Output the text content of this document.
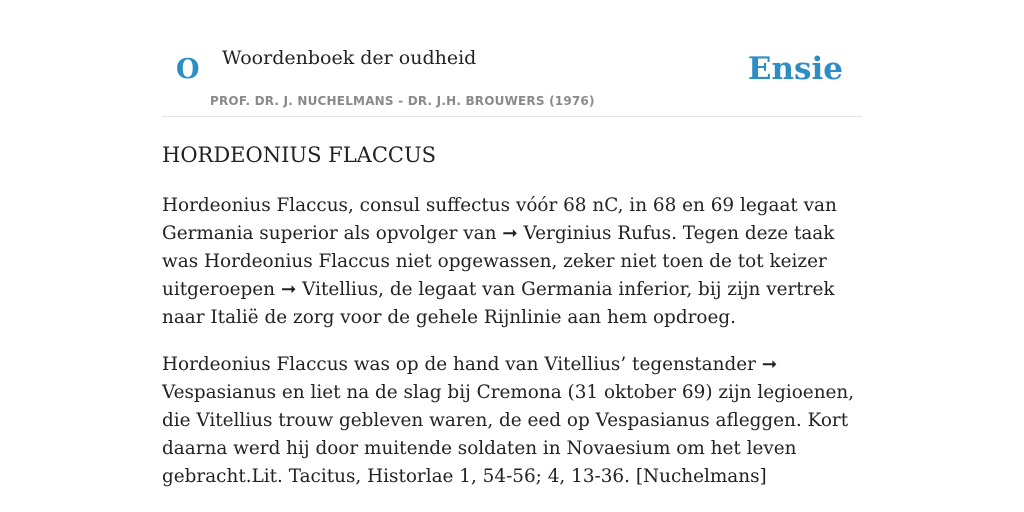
O Woordenboek der oudheid
PROF. DR. J. NUCHELMANS - DR. J.H. BROUWERS (1976)
Ensie
HORDEONIUS FLACCUS

Hordeonius Flaccus, consul suffectus vóór 68 nC, in 68 en 69 legaat van Germania superior als opvolger van ➞ Verginius Rufus. Tegen deze taak was Hordeonius Flaccus niet opgewassen, zeker niet toen de tot keizer uitgeroepen ➞ Vitellius, de legaat van Germania inferior, bij zijn vertrek naar Italië de zorg voor de gehele Rijnlinie aan hem opdroeg.

Hordeonius Flaccus was op de hand van Vitellius’ tegenstander ➞ Vespasianus en liet na de slag bij Cremona (31 oktober 69) zijn legioenen, die Vitellius trouw gebleven waren, de eed op Vespasianus afleggen. Kort daarna werd hij door muitende soldaten in Novaesium om het leven gebracht.Lit. Tacitus, Historlae 1, 54-56; 4, 13-36. [Nuchelmans]
